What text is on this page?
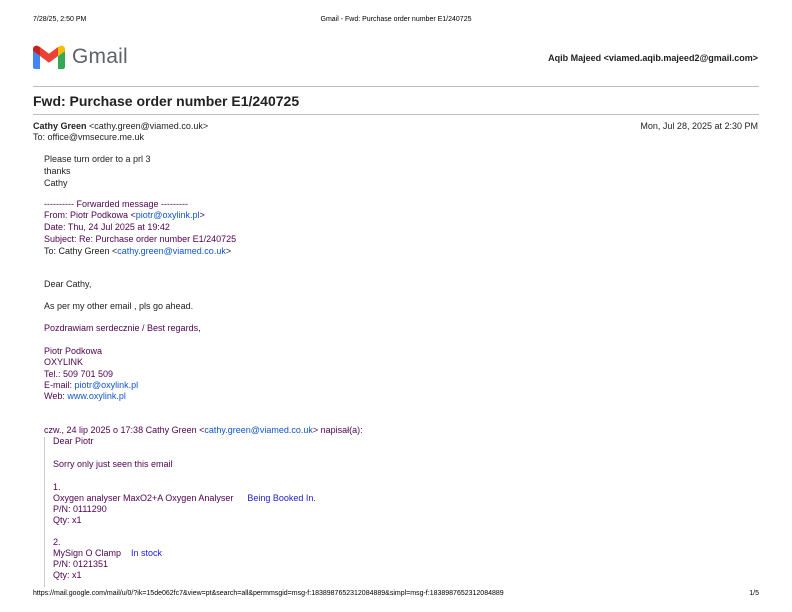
7/28/25, 2:50 PM	Gmail - Fwd: Purchase order number E1/240725
Gmail	Aqib Majeed <viamed.aqib.majeed2@gmail.com>
Fwd: Purchase order number E1/240725
Cathy Green <cathy.green@viamed.co.uk>	Mon, Jul 28, 2025 at 2:30 PM
To: office@vmsecure.me.uk
Please turn order to a prl 3
thanks
Cathy
---------- Forwarded message ---------
From: Piotr Podkowa <piotr@oxylink.pl>
Date: Thu, 24 Jul 2025 at 19:42
Subject: Re: Purchase order number E1/240725
To: Cathy Green <cathy.green@viamed.co.uk>
Dear Cathy,
As per my other email , pls go ahead.
Pozdrawiam serdecznie / Best regards,
Piotr Podkowa
OXYLINK
Tel.: 509 701 509
E-mail: piotr@oxylink.pl
Web: www.oxylink.pl
czw., 24 lip 2025 o 17:38 Cathy Green <cathy.green@viamed.co.uk> napisał(a):
Dear Piotr
Sorry only just seen this email
1.
Oxygen analyser MaxO2+A Oxygen Analyser Being Booked In.
P/N: 0111290
Qty: x1
2.
MySign O Clamp In stock
P/N: 0121351
Qty: x1
https://mail.google.com/mail/u/0/?ik=15de062fc7&view=pt&search=all&permmsgid=msg-f:1838987652312084889&simpl=msg-f:1838987652312084889	1/5
